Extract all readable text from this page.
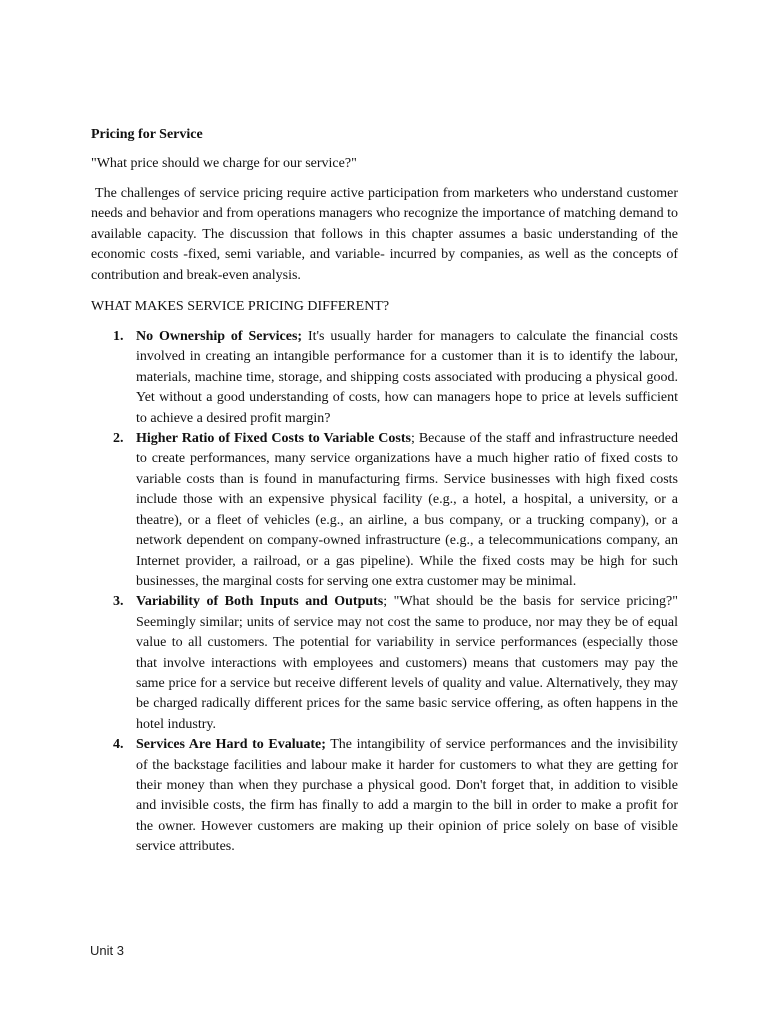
Pricing for Service

"What price should we charge for our service?"

The challenges of service pricing require active participation from marketers who understand customer needs and behavior and from operations managers who recognize the importance of matching demand to available capacity. The discussion that follows in this chapter assumes a basic understanding of the economic costs -fixed, semi variable, and variable- incurred by companies, as well as the concepts of contribution and break-even analysis.

WHAT MAKES SERVICE PRICING DIFFERENT?

1. No Ownership of Services; It's usually harder for managers to calculate the financial costs involved in creating an intangible performance for a customer than it is to identify the labour, materials, machine time, storage, and shipping costs associated with producing a physical good. Yet without a good understanding of costs, how can managers hope to price at levels sufficient to achieve a desired profit margin?
2. Higher Ratio of Fixed Costs to Variable Costs; Because of the staff and infrastructure needed to create performances, many service organizations have a much higher ratio of fixed costs to variable costs than is found in manufacturing firms. Service businesses with high fixed costs include those with an expensive physical facility (e.g., a hotel, a hospital, a university, or a theatre), or a fleet of vehicles (e.g., an airline, a bus company, or a trucking company), or a network dependent on company-owned infrastructure (e.g., a telecommunications company, an Internet provider, a railroad, or a gas pipeline). While the fixed costs may be high for such businesses, the marginal costs for serving one extra customer may be minimal.
3. Variability of Both Inputs and Outputs; "What should be the basis for service pricing?" Seemingly similar; units of service may not cost the same to produce, nor may they be of equal value to all customers. The potential for variability in service performances (especially those that involve interactions with employees and customers) means that customers may pay the same price for a service but receive different levels of quality and value. Alternatively, they may be charged radically different prices for the same basic service offering, as often happens in the hotel industry.
4. Services Are Hard to Evaluate; The intangibility of service performances and the invisibility of the backstage facilities and labour make it harder for customers to what they are getting for their money than when they purchase a physical good. Don't forget that, in addition to visible and invisible costs, the firm has finally to add a margin to the bill in order to make a profit for the owner. However customers are making up their opinion of price solely on base of visible service attributes.
Unit 3
